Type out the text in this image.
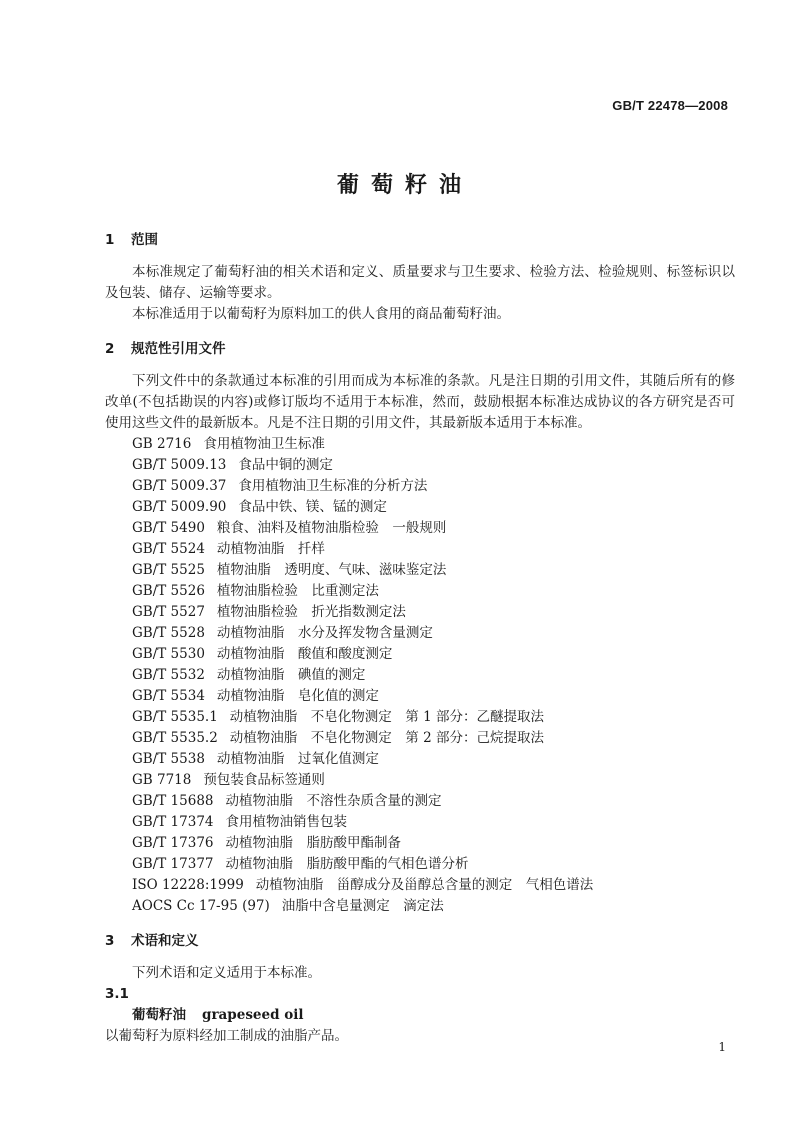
GB/T 22478—2008
葡萄籽油
1 范围

本标准规定了葡萄籽油的相关术语和定义、质量要求与卫生要求、检验方法、检验规则、标签标识以及包装、储存、运输等要求。

本标准适用于以葡萄籽为原料加工的供人食用的商品葡萄籽油。

2 规范性引用文件

下列文件中的条款通过本标准的引用而成为本标准的条款。凡是注日期的引用文件，其随后所有的修改单(不包括勘误的内容)或修订版均不适用于本标准，然而，鼓励根据本标准达成协议的各方研究是否可使用这些文件的最新版本。凡是不注日期的引用文件，其最新版本适用于本标准。

GB 2716 食用植物油卫生标准
GB/T 5009.13 食品中铜的测定
GB/T 5009.37 食用植物油卫生标准的分析方法
GB/T 5009.90 食品中铁、镁、锰的测定
GB/T 5490 粮食、油料及植物油脂检验　一般规则
GB/T 5524 动植物油脂　扦样
GB/T 5525 植物油脂　透明度、气味、滋味鉴定法
GB/T 5526 植物油脂检验　比重测定法
GB/T 5527 植物油脂检验　折光指数测定法
GB/T 5528 动植物油脂　水分及挥发物含量测定
GB/T 5530 动植物油脂　酸值和酸度测定
GB/T 5532 动植物油脂　碘值的测定
GB/T 5534 动植物油脂　皂化值的测定
GB/T 5535.1 动植物油脂　不皂化物测定　第 1 部分：乙醚提取法
GB/T 5535.2 动植物油脂　不皂化物测定　第 2 部分：己烷提取法
GB/T 5538 动植物油脂　过氧化值测定
GB 7718 预包装食品标签通则
GB/T 15688 动植物油脂　不溶性杂质含量的测定
GB/T 17374 食用植物油销售包装
GB/T 17376 动植物油脂　脂肪酸甲酯制备
GB/T 17377 动植物油脂　脂肪酸甲酯的气相色谱分析
ISO 12228:1999 动植物油脂　甾醇成分及甾醇总含量的测定　气相色谱法
AOCS Cc 17-95 (97) 油脂中含皂量测定　滴定法
3 术语和定义

下列术语和定义适用于本标准。

3.1
葡萄籽油 grapeseed oil

以葡萄籽为原料经加工制成的油脂产品。

1
